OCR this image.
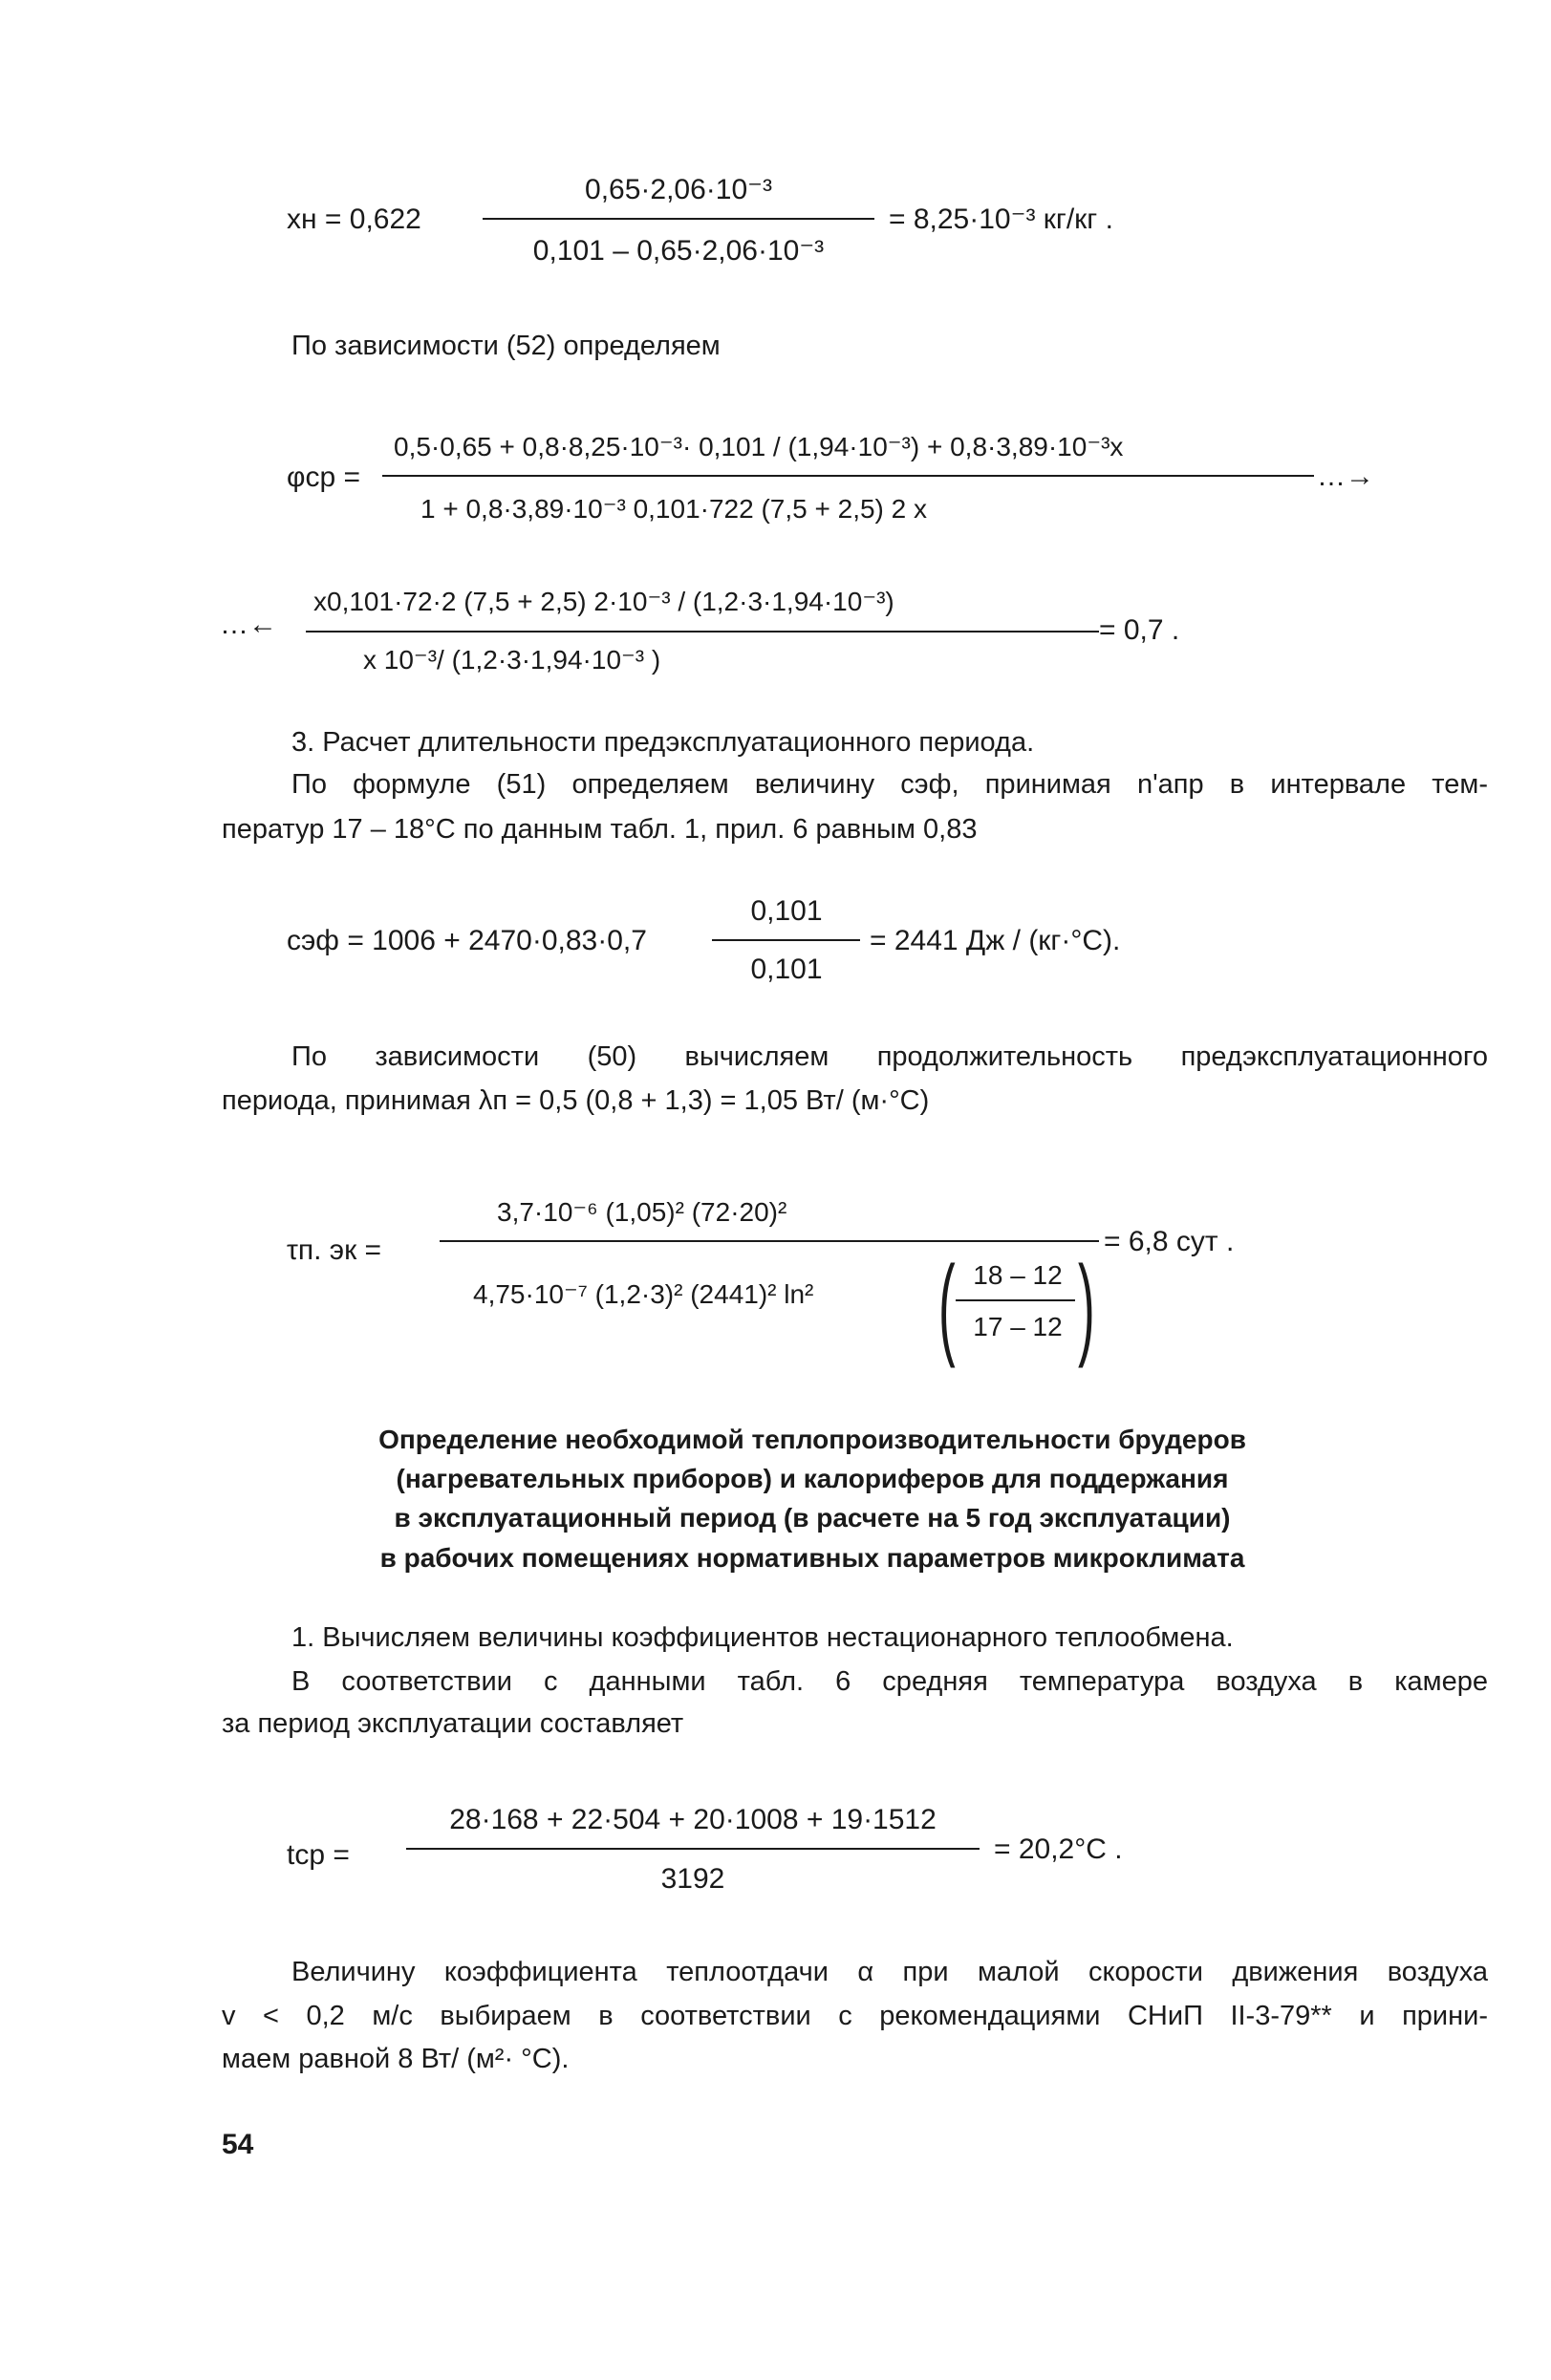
xн = 0,622
0,65·2,06·10⁻³
0,101 – 0,65·2,06·10⁻³
= 8,25·10⁻³ кг/кг .
По зависимости (52) определяем
φср =
0,5·0,65 + 0,8·8,25·10⁻³· 0,101 / (1,94·10⁻³) + 0,8·3,89·10⁻³x
1 + 0,8·3,89·10⁻³ 0,101·722 (7,5 + 2,5) 2 x
…→
…←
x0,101·72·2 (7,5 + 2,5) 2·10⁻³ / (1,2·3·1,94·10⁻³)
x 10⁻³/ (1,2·3·1,94·10⁻³ )
= 0,7 .
3. Расчет длительности предэксплуатационного периода.
По формуле (51) определяем величину cэф, принимая n'апр в интервале тем-
ператур 17 – 18°C по данным табл. 1, прил. 6 равным 0,83
cэф = 1006 + 2470·0,83·0,7
0,101
0,101
= 2441 Дж / (кг·°C).
По зависимости (50) вычисляем продолжительность предэксплуатационного
периода, принимая λп = 0,5 (0,8 + 1,3) = 1,05 Вт/ (м·°C)
τп. эк =
3,7·10⁻⁶ (1,05)² (72·20)²
4,75·10⁻⁷ (1,2·3)² (2441)² ln² ( 18 – 12
17 – 12 )
= 6,8 сут .
Определение необходимой теплопроизводительности брудеров
(нагревательных приборов) и калориферов для поддержания
в эксплуатационный период (в расчете на 5 год эксплуатации)
в рабочих помещениях нормативных параметров микроклимата
1. Вычисляем величины коэффициентов нестационарного теплообмена.
В соответствии с данными табл. 6 средняя температура воздуха в камере
за период эксплуатации составляет
tср =
28·168 + 22·504 + 20·1008 + 19·1512
3192
= 20,2°C .
Величину коэффициента теплоотдачи α при малой скорости движения воздуха
v < 0,2 м/с выбираем в соответствии с рекомендациями СНиП II-3-79** и прини-
маем равной 8 Вт/ (м²· °C).
54
